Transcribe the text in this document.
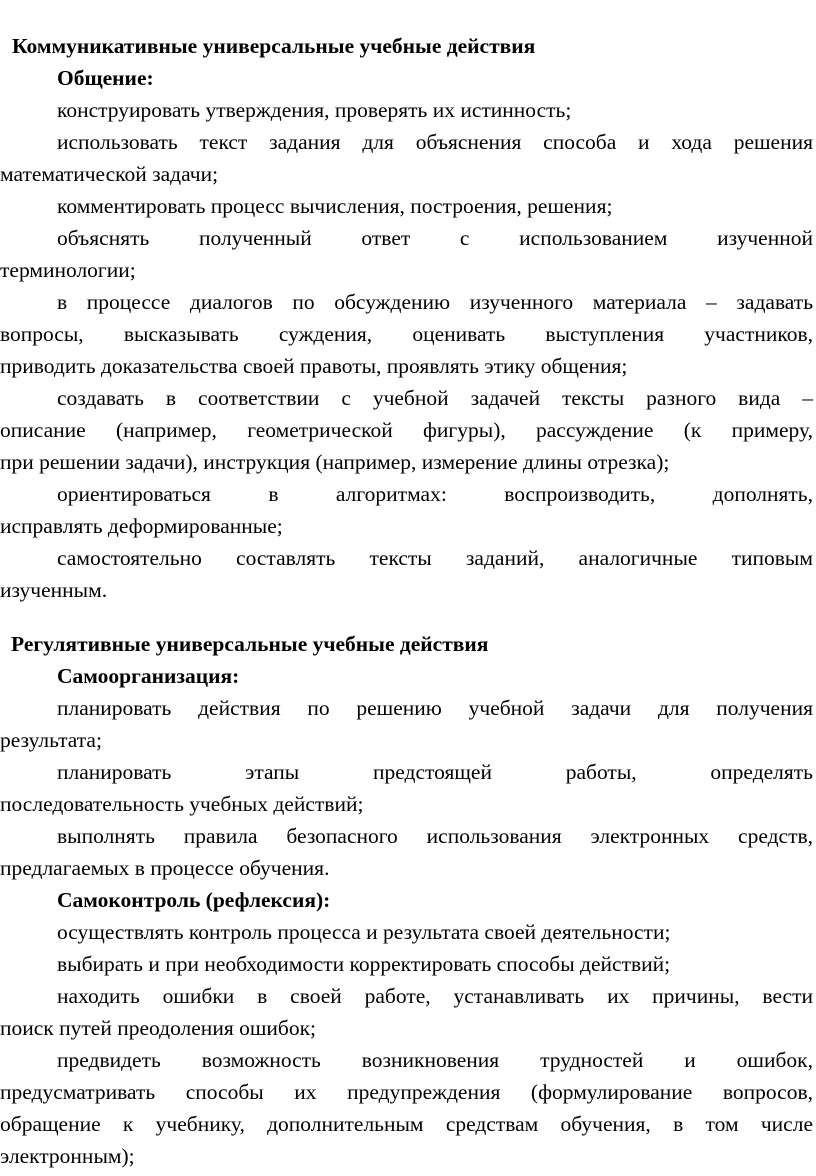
Коммуникативные универсальные учебные действия

Общение:

конструировать утверждения, проверять их истинность;

использовать текст задания для объяснения способа и хода решения

математической задачи;

комментировать процесс вычисления, построения, решения;

объяснять полученный ответ с использованием изученной

терминологии;

в процессе диалогов по обсуждению изученного материала – задавать

вопросы, высказывать суждения, оценивать выступления участников,

приводить доказательства своей правоты, проявлять этику общения;

создавать в соответствии с учебной задачей тексты разного вида –

описание (например, геометрической фигуры), рассуждение (к примеру,

при решении задачи), инструкция (например, измерение длины отрезка);

ориентироваться в алгоритмах: воспроизводить, дополнять,

исправлять деформированные;

самостоятельно составлять тексты заданий, аналогичные типовым

изученным.

Регулятивные универсальные учебные действия

Самоорганизация:

планировать действия по решению учебной задачи для получения

результата;

планировать этапы предстоящей работы, определять

последовательность учебных действий;

выполнять правила безопасного использования электронных средств,

предлагаемых в процессе обучения.

Самоконтроль (рефлексия):

осуществлять контроль процесса и результата своей деятельности;

выбирать и при необходимости корректировать способы действий;

находить ошибки в своей работе, устанавливать их причины, вести

поиск путей преодоления ошибок;

предвидеть возможность возникновения трудностей и ошибок,

предусматривать способы их предупреждения (формулирование вопросов,

обращение к учебнику, дополнительным средствам обучения, в том числе

электронным);
